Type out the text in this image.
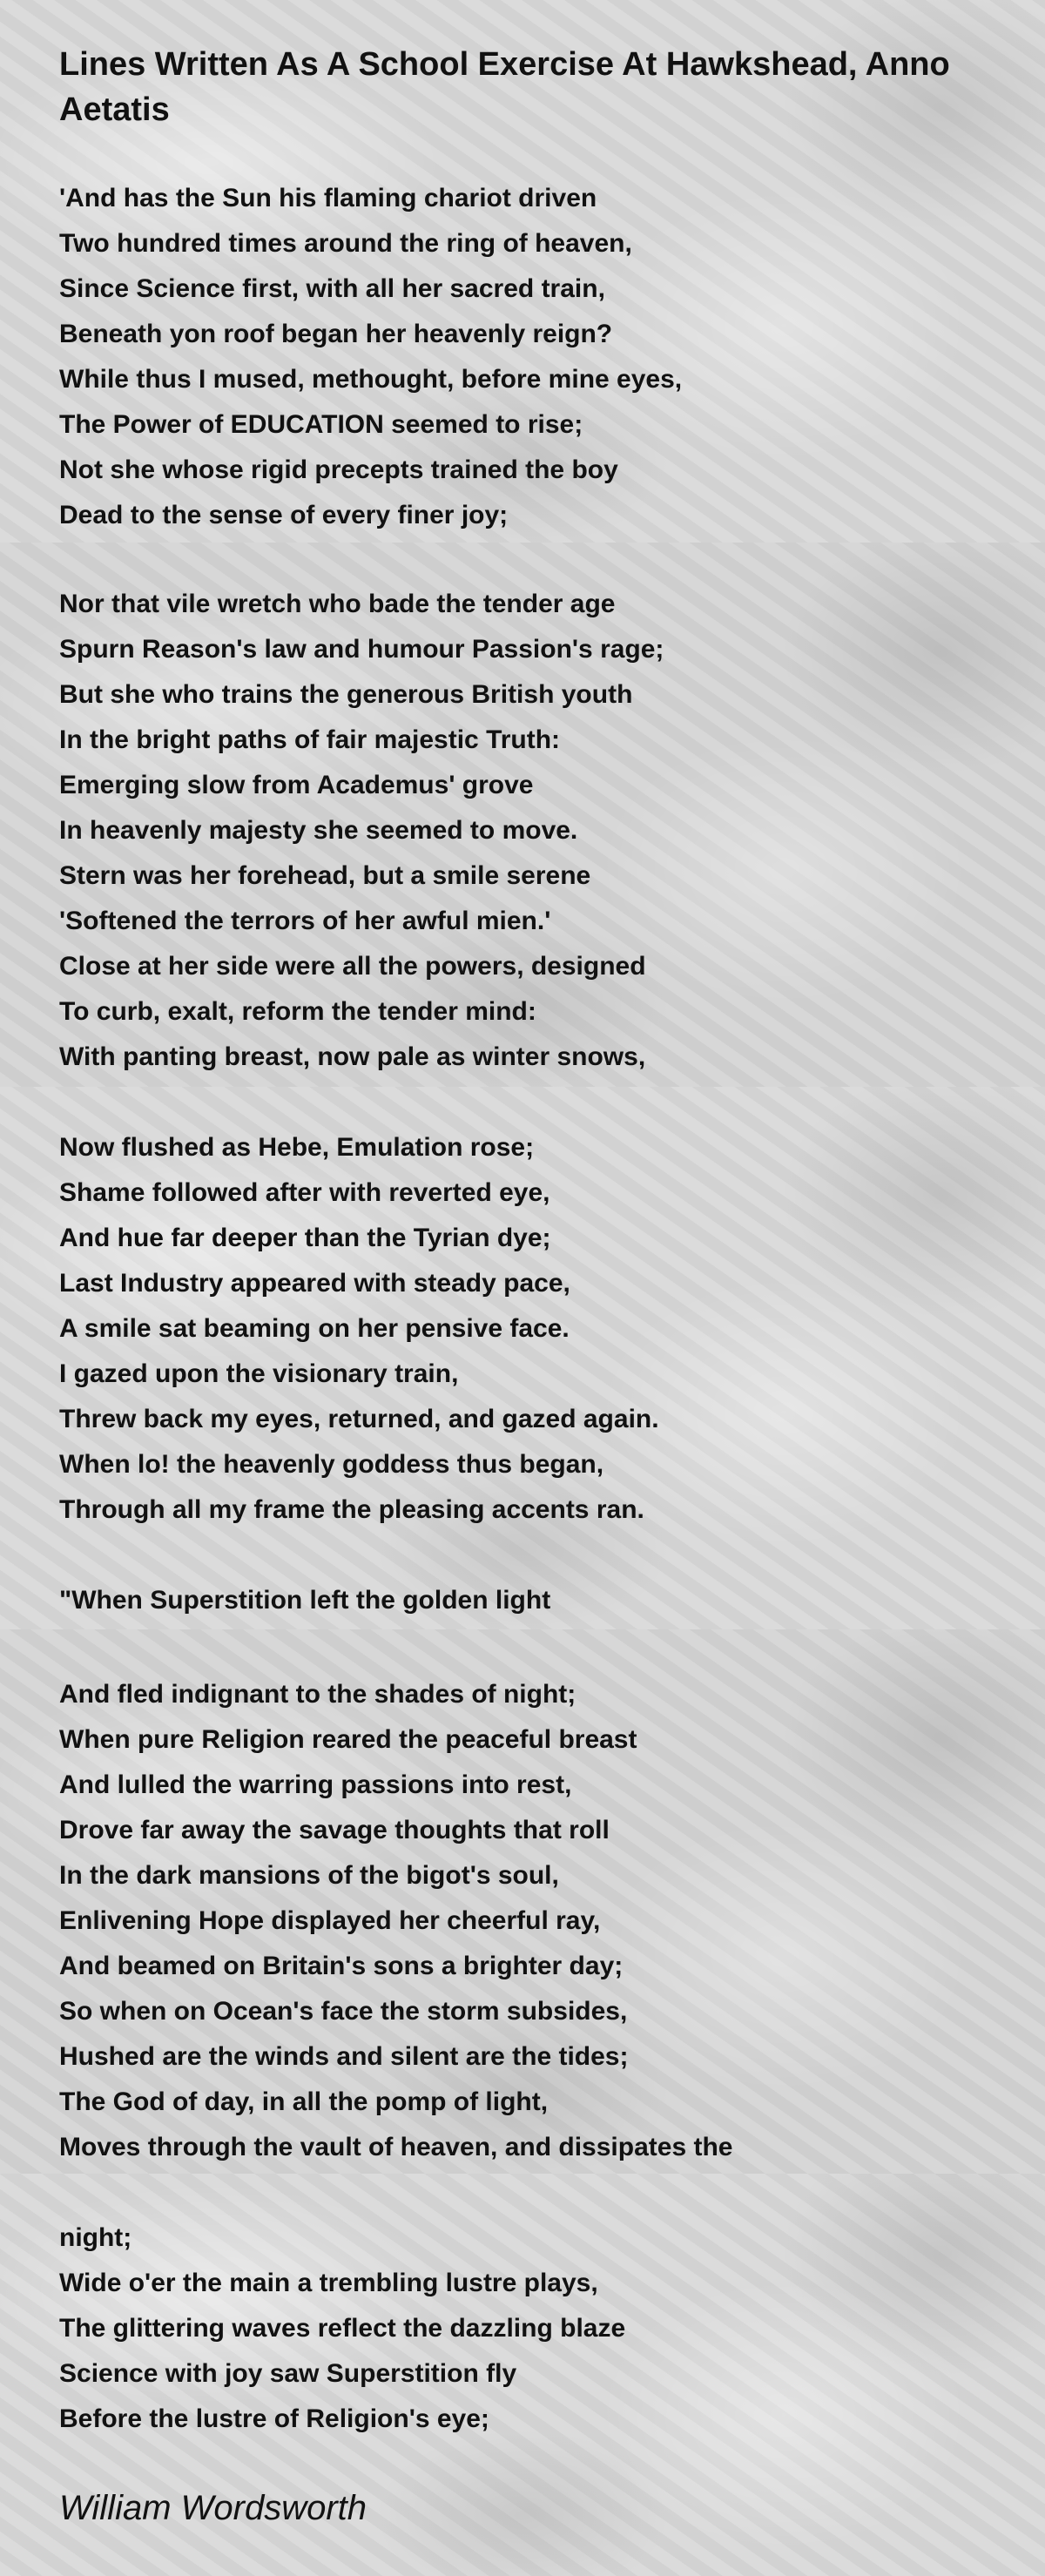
Lines Written As A School Exercise At Hawkshead, Anno Aetatis
'And has the Sun his flaming chariot driven
Two hundred times around the ring of heaven,
Since Science first, with all her sacred train,
Beneath yon roof began her heavenly reign?
While thus I mused, methought, before mine eyes,
The Power of EDUCATION seemed to rise;
Not she whose rigid precepts trained the boy
Dead to the sense of every finer joy;
Nor that vile wretch who bade the tender age
Spurn Reason's law and humour Passion's rage;
But she who trains the generous British youth
In the bright paths of fair majestic Truth:
Emerging slow from Academus' grove
In heavenly majesty she seemed to move.
Stern was her forehead, but a smile serene
'Softened the terrors of her awful mien.'
Close at her side were all the powers, designed
To curb, exalt, reform the tender mind:
With panting breast, now pale as winter snows,
Now flushed as Hebe, Emulation rose;
Shame followed after with reverted eye,
And hue far deeper than the Tyrian dye;
Last Industry appeared with steady pace,
A smile sat beaming on her pensive face.
I gazed upon the visionary train,
Threw back my eyes, returned, and gazed again.
When lo! the heavenly goddess thus began,
Through all my frame the pleasing accents ran.
"When Superstition left the golden light
And fled indignant to the shades of night;
When pure Religion reared the peaceful breast
And lulled the warring passions into rest,
Drove far away the savage thoughts that roll
In the dark mansions of the bigot's soul,
Enlivening Hope displayed her cheerful ray,
And beamed on Britain's sons a brighter day;
So when on Ocean's face the storm subsides,
Hushed are the winds and silent are the tides;
The God of day, in all the pomp of light,
Moves through the vault of heaven, and dissipates the
night;
Wide o'er the main a trembling lustre plays,
The glittering waves reflect the dazzling blaze
Science with joy saw Superstition fly
Before the lustre of Religion's eye;

William Wordsworth
